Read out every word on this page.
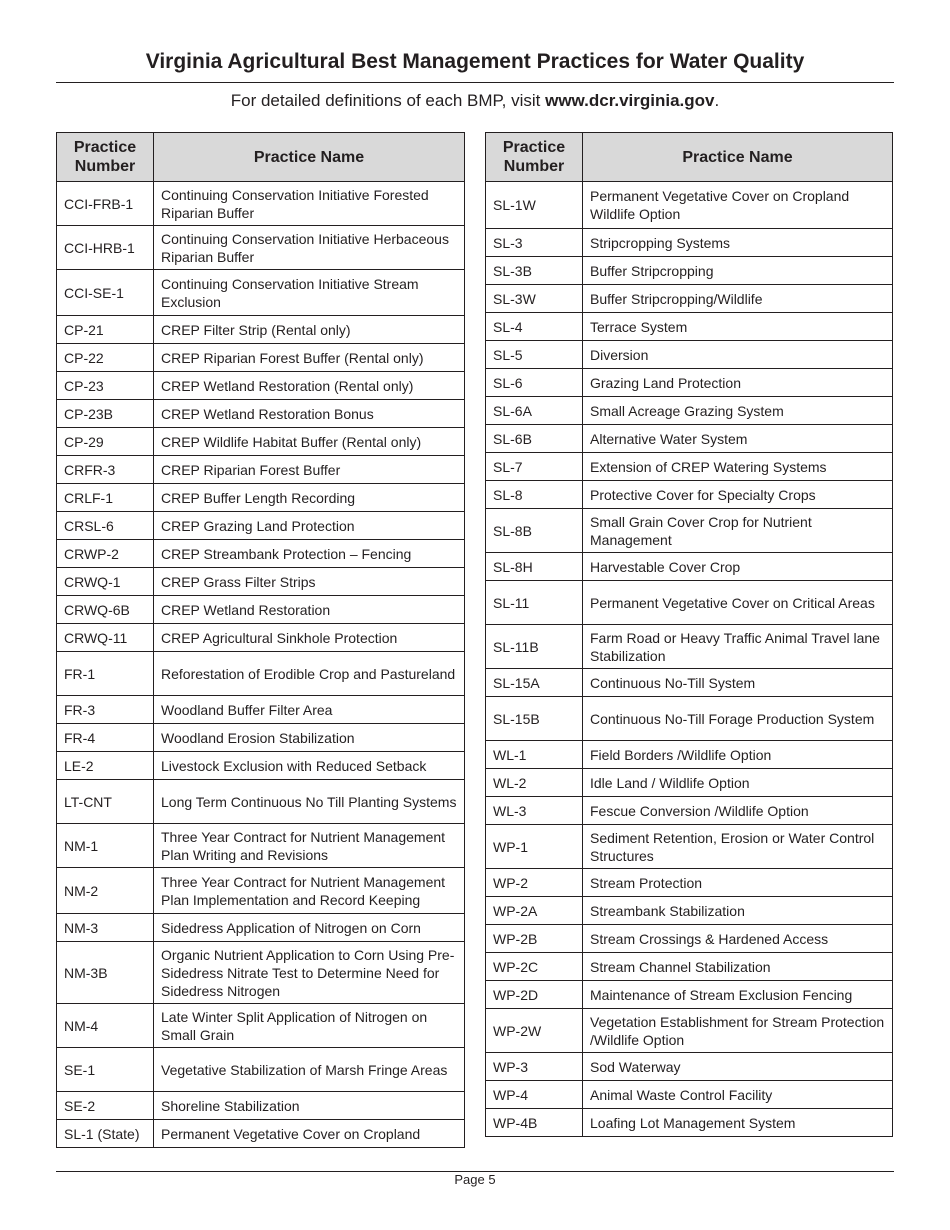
Virginia Agricultural Best Management Practices for Water Quality
For detailed definitions of each BMP, visit www.dcr.virginia.gov.
Practice Number	Practice Name
CCI-FRB-1	Continuing Conservation Initiative Forested Riparian Buffer
CCI-HRB-1	Continuing Conservation Initiative Herbaceous Riparian Buffer
CCI-SE-1	Continuing Conservation Initiative Stream Exclusion
CP-21	CREP Filter Strip (Rental only)
CP-22	CREP Riparian Forest Buffer (Rental only)
CP-23	CREP Wetland Restoration (Rental only)
CP-23B	CREP Wetland Restoration Bonus
CP-29	CREP Wildlife Habitat Buffer (Rental only)
CRFR-3	CREP Riparian Forest Buffer
CRLF-1	CREP Buffer Length Recording
CRSL-6	CREP Grazing Land Protection
CRWP-2	CREP Streambank Protection – Fencing
CRWQ-1	CREP Grass Filter Strips
CRWQ-6B	CREP Wetland Restoration
CRWQ-11	CREP Agricultural Sinkhole Protection
FR-1	Reforestation of Erodible Crop and Pastureland
FR-3	Woodland Buffer Filter Area
FR-4	Woodland Erosion Stabilization
LE-2	Livestock Exclusion with Reduced Setback
LT-CNT	Long Term Continuous No Till Planting Systems
NM-1	Three Year Contract for Nutrient Management Plan Writing and Revisions
NM-2	Three Year Contract for Nutrient Management Plan Implementation and Record Keeping
NM-3	Sidedress Application of Nitrogen on Corn
NM-3B	Organic Nutrient Application to Corn Using Pre-Sidedress Nitrate Test to Determine Need for Sidedress Nitrogen
NM-4	Late Winter Split Application of Nitrogen on Small Grain
SE-1	Vegetative Stabilization of Marsh Fringe Areas
SE-2	Shoreline Stabilization
SL-1 (State)	Permanent Vegetative Cover on Cropland
Practice Number	Practice Name
SL-1W	Permanent Vegetative Cover on Cropland Wildlife Option
SL-3	Stripcropping Systems
SL-3B	Buffer Stripcropping
SL-3W	Buffer Stripcropping/Wildlife
SL-4	Terrace System
SL-5	Diversion
SL-6	Grazing Land Protection
SL-6A	Small Acreage Grazing System
SL-6B	Alternative Water System
SL-7	Extension of CREP Watering Systems
SL-8	Protective Cover for Specialty Crops
SL-8B	Small Grain Cover Crop for Nutrient Management
SL-8H	Harvestable Cover Crop
SL-11	Permanent Vegetative Cover on Critical Areas
SL-11B	Farm Road or Heavy Traffic Animal Travel lane Stabilization
SL-15A	Continuous No-Till System
SL-15B	Continuous No-Till Forage Production System
WL-1	Field Borders /Wildlife Option
WL-2	Idle Land / Wildlife Option
WL-3	Fescue Conversion /Wildlife Option
WP-1	Sediment Retention, Erosion or Water Control Structures
WP-2	Stream Protection
WP-2A	Streambank Stabilization
WP-2B	Stream Crossings & Hardened Access
WP-2C	Stream Channel Stabilization
WP-2D	Maintenance of Stream Exclusion Fencing
WP-2W	Vegetation Establishment for Stream Protection /Wildlife Option
WP-3	Sod Waterway
WP-4	Animal Waste Control Facility
WP-4B	Loafing Lot Management System
Page 5
